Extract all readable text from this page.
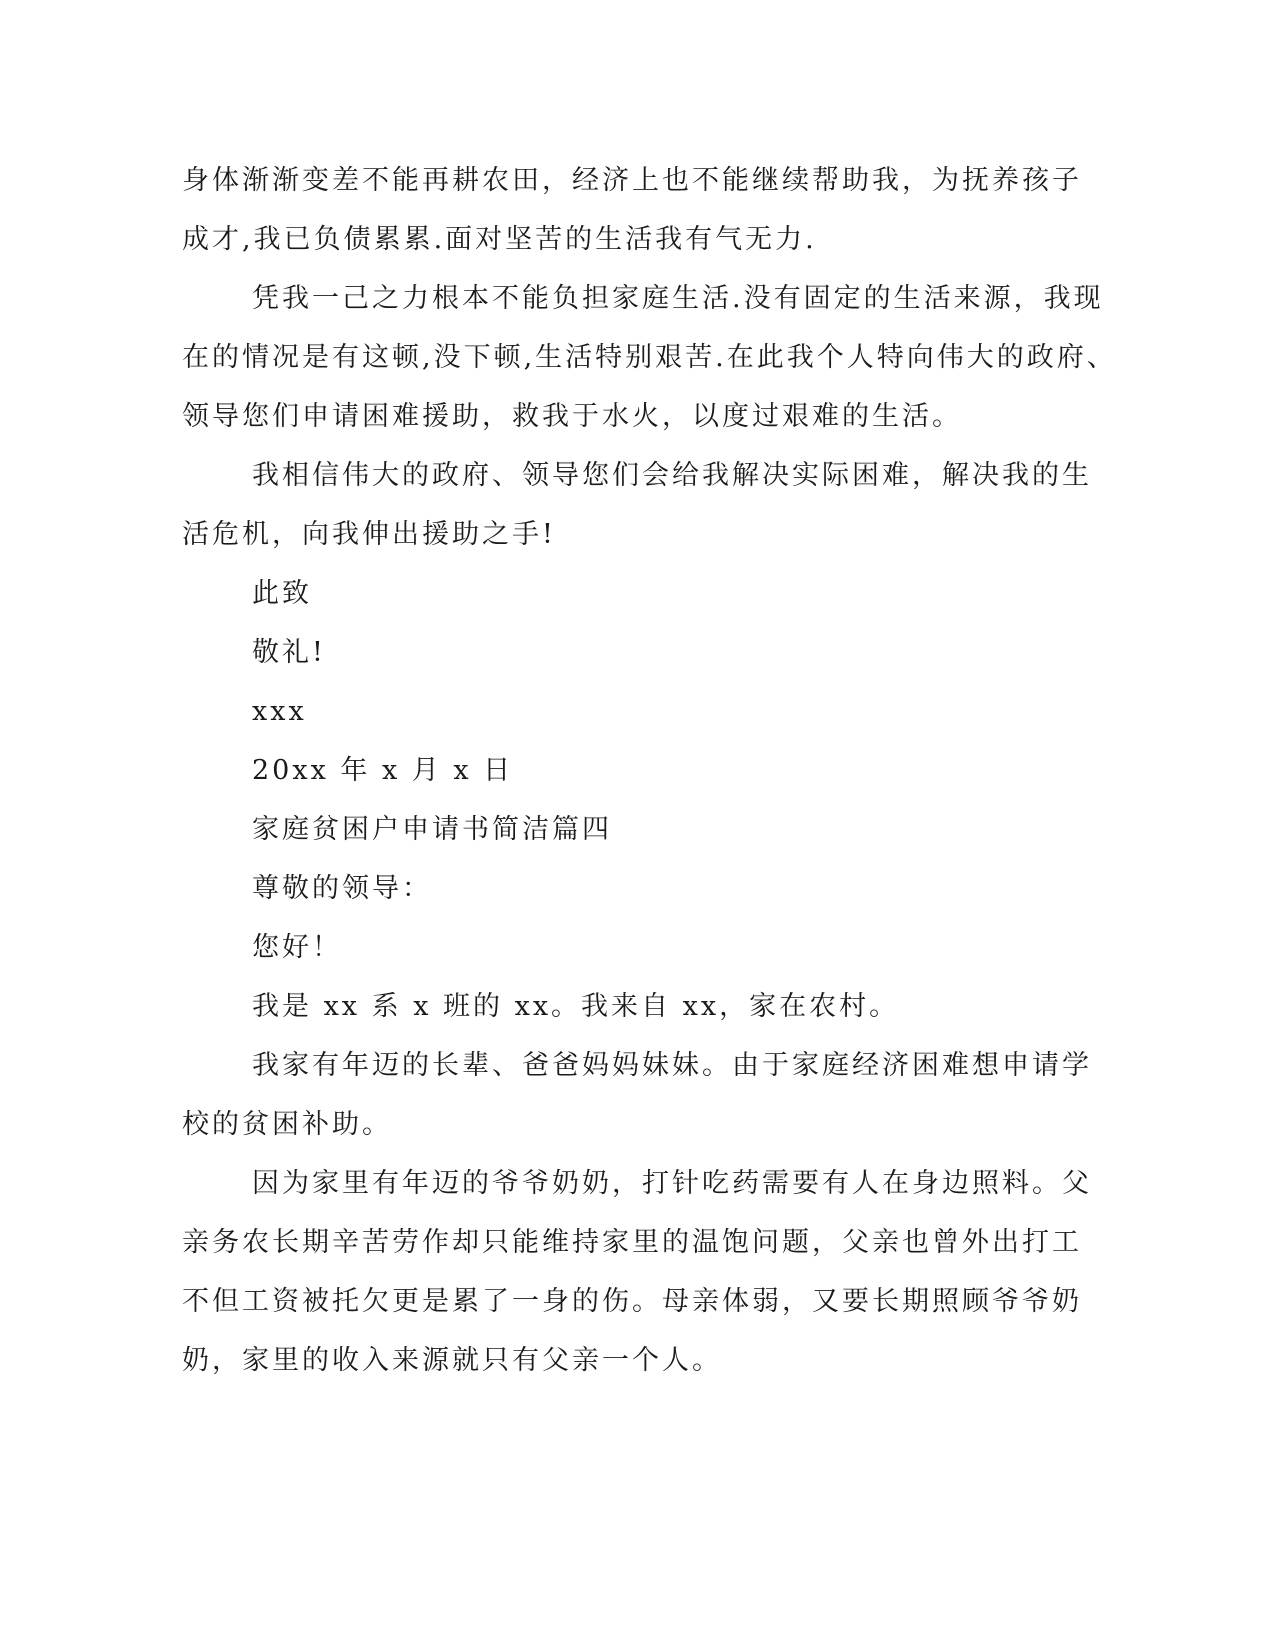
身体渐渐变差不能再耕农田，经济上也不能继续帮助我，为抚养孩子
成才,我已负债累累.面对坚苦的生活我有气无力.
凭我一己之力根本不能负担家庭生活.没有固定的生活来源，我现
在的情况是有这顿,没下顿,生活特别艰苦.在此我个人特向伟大的政府、
领导您们申请困难援助，救我于水火，以度过艰难的生活。
我相信伟大的政府、领导您们会给我解决实际困难，解决我的生
活危机，向我伸出援助之手!
此致
敬礼!
xxx
20xx 年 x 月 x 日
家庭贫困户申请书简洁篇四
尊敬的领导：
您好！
我是 xx 系 x 班的 xx。我来自 xx，家在农村。
我家有年迈的长辈、爸爸妈妈妹妹。由于家庭经济困难想申请学
校的贫困补助。
因为家里有年迈的爷爷奶奶，打针吃药需要有人在身边照料。父
亲务农长期辛苦劳作却只能维持家里的温饱问题，父亲也曾外出打工
不但工资被托欠更是累了一身的伤。母亲体弱，又要长期照顾爷爷奶
奶，家里的收入来源就只有父亲一个人。
